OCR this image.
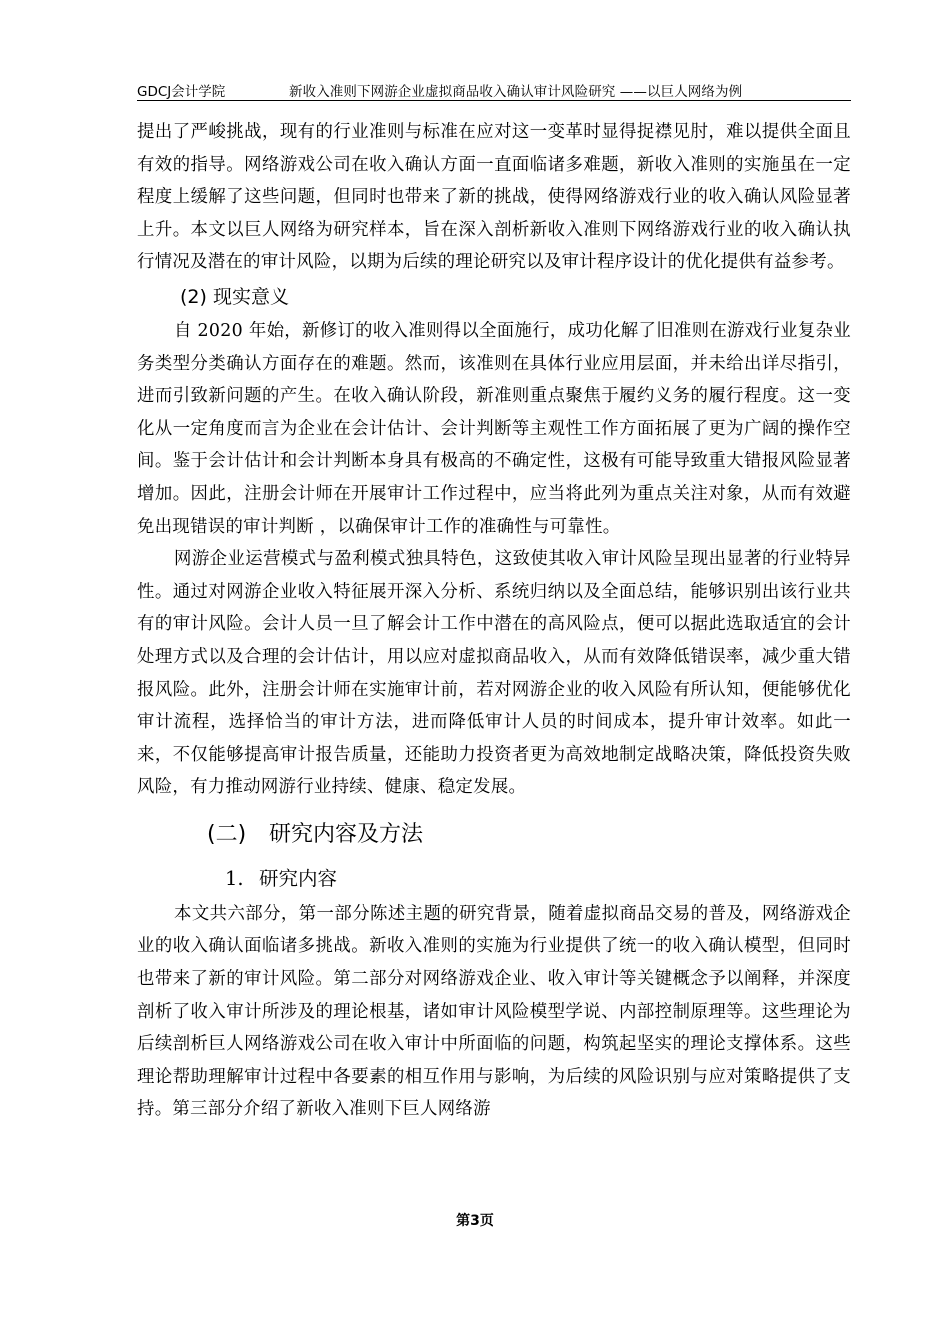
GDCJ会计学院	新收入准则下网游企业虚拟商品收入确认审计风险研究 ——以巨人网络为例

提出了严峻挑战，现有的行业准则与标准在应对这一变革时显得捉襟见肘，难以提供全面且有效的指导。网络游戏公司在收入确认方面一直面临诸多难题，新收入准则的实施虽在一定程度上缓解了这些问题，但同时也带来了新的挑战，使得网络游戏行业的收入确认风险显著上升。本文以巨人网络为研究样本，旨在深入剖析新收入准则下网络游戏行业的收入确认执行情况及潜在的审计风险，以期为后续的理论研究以及审计程序设计的优化提供有益参考。

(2) 现实意义

自 2020 年始，新修订的收入准则得以全面施行，成功化解了旧准则在游戏行业复杂业务类型分类确认方面存在的难题。然而，该准则在具体行业应用层面，并未给出详尽指引，进而引致新问题的产生。在收入确认阶段，新准则重点聚焦于履约义务的履行程度。这一变化从一定角度而言为企业在会计估计、会计判断等主观性工作方面拓展了更为广阔的操作空间。鉴于会计估计和会计判断本身具有极高的不确定性，这极有可能导致重大错报风险显著增加。因此，注册会计师在开展审计工作过程中，应当将此列为重点关注对象，从而有效避免出现错误的审计判断 ，以确保审计工作的准确性与可靠性。

网游企业运营模式与盈利模式独具特色，这致使其收入审计风险呈现出显著的行业特异性。通过对网游企业收入特征展开深入分析、系统归纳以及全面总结，能够识别出该行业共有的审计风险。会计人员一旦了解会计工作中潜在的高风险点，便可以据此选取适宜的会计处理方式以及合理的会计估计，用以应对虚拟商品收入，从而有效降低错误率，减少重大错报风险。此外，注册会计师在实施审计前，若对网游企业的收入风险有所认知，便能够优化审计流程，选择恰当的审计方法，进而降低审计人员的时间成本，提升审计效率。如此一来，不仅能够提高审计报告质量，还能助力投资者更为高效地制定战略决策，降低投资失败风险，有力推动网游行业持续、健康、稳定发展。

(二) 研究内容及方法
1. 研究内容

本文共六部分，第一部分陈述主题的研究背景，随着虚拟商品交易的普及，网络游戏企业的收入确认面临诸多挑战。新收入准则的实施为行业提供了统一的收入确认模型，但同时也带来了新的审计风险。第二部分对网络游戏企业、收入审计等关键概念予以阐释，并深度剖析了收入审计所涉及的理论根基，诸如审计风险模型学说、内部控制原理等。这些理论为后续剖析巨人网络游戏公司在收入审计中所面临的问题，构筑起坚实的理论支撑体系。这些理论帮助理解审计过程中各要素的相互作用与影响，为后续的风险识别与应对策略提供了支持。第三部分介绍了新收入准则下巨人网络游

第3页
